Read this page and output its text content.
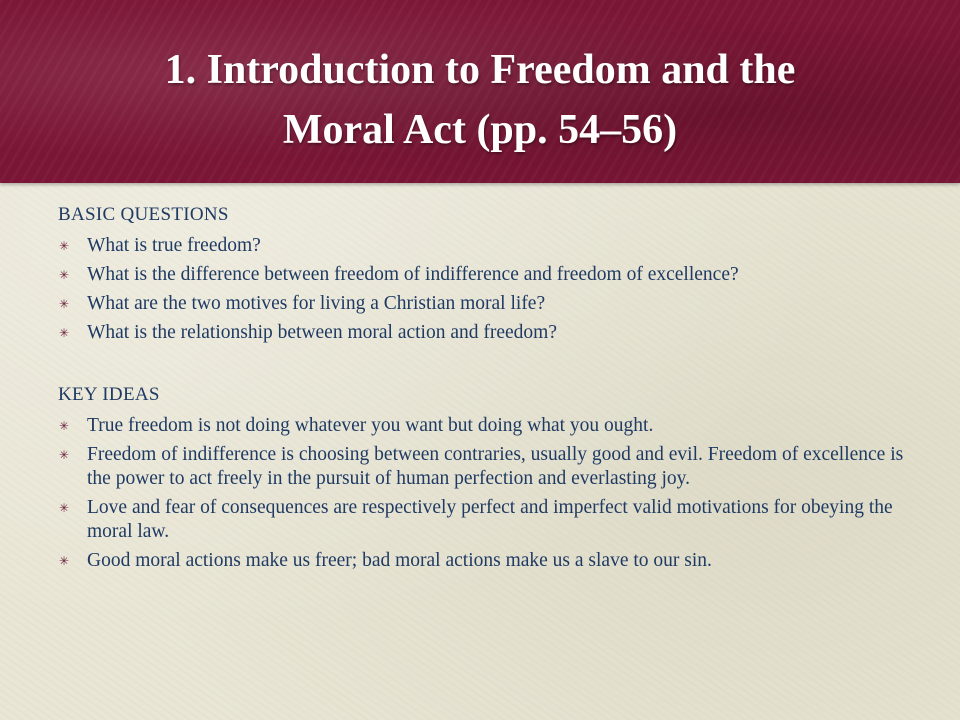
1. Introduction to Freedom and the
Moral Act (pp. 54–56)
BASIC QUESTIONS
✳ What is true freedom?
✳ What is the difference between freedom of indifference and freedom of excellence?
✳ What are the two motives for living a Christian moral life?
✳ What is the relationship between moral action and freedom?
KEY IDEAS
✳ True freedom is not doing whatever you want but doing what you ought.
✳ Freedom of indifference is choosing between contraries, usually good and evil. Freedom of excellence is the power to act freely in the pursuit of human perfection and everlasting joy.
✳ Love and fear of consequences are respectively perfect and imperfect valid motivations for obeying the moral law.
✳ Good moral actions make us freer; bad moral actions make us a slave to our sin.
